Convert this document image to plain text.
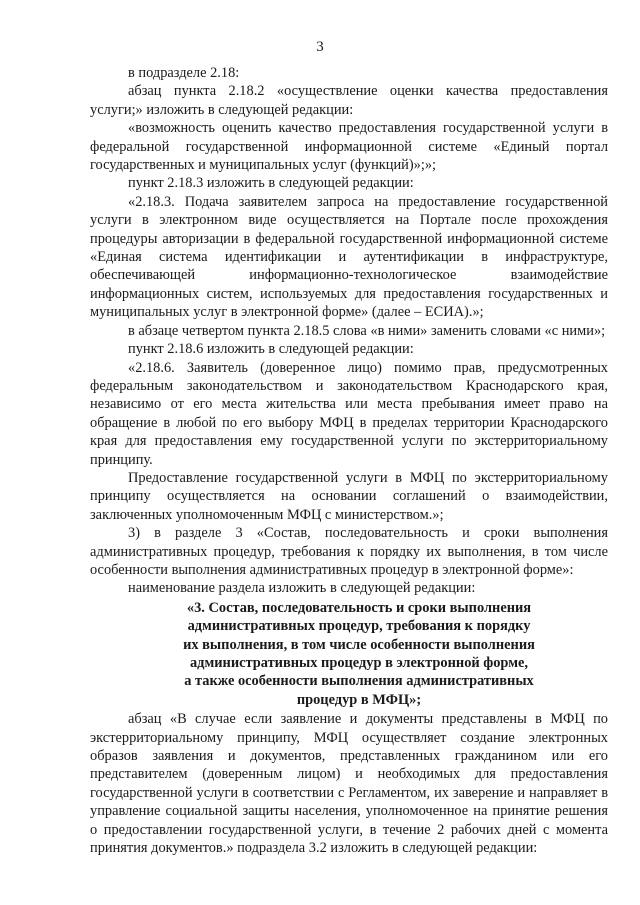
3

в подразделе 2.18:

абзац пункта 2.18.2 «осуществление оценки качества предоставления услуги;» изложить в следующей редакции:

«возможность оценить качество предоставления государственной услуги в федеральной государственной информационной системе «Единый портал государственных и муниципальных услуг (функций)»;»;

пункт 2.18.3 изложить в следующей редакции:

«2.18.3. Подача заявителем запроса на предоставление государственной услуги в электронном виде осуществляется на Портале после прохождения процедуры авторизации в федеральной государственной информационной системе «Единая система идентификации и аутентификации в инфраструктуре, обеспечивающей информационно-технологическое взаимодействие информационных систем, используемых для предоставления государственных и муниципальных услуг в электронной форме» (далее – ЕСИА).»;

в абзаце четвертом пункта 2.18.5 слова «в ними» заменить словами «с ними»;

пункт 2.18.6 изложить в следующей редакции:

«2.18.6. Заявитель (доверенное лицо) помимо прав, предусмотренных федеральным законодательством и законодательством Краснодарского края, независимо от его места жительства или места пребывания имеет право на обращение в любой по его выбору МФЦ в пределах территории Краснодарского края для предоставления ему государственной услуги по экстерриториальному принципу.

Предоставление государственной услуги в МФЦ по экстерриториальному принципу осуществляется на основании соглашений о взаимодействии, заключенных уполномоченным МФЦ с министерством.»;

3) в разделе 3 «Состав, последовательность и сроки выполнения административных процедур, требования к порядку их выполнения, в том числе особенности выполнения административных процедур в электронной форме»:

наименование раздела изложить в следующей редакции:

«3. Состав, последовательность и сроки выполнения
административных процедур, требования к порядку
их выполнения, в том числе особенности выполнения
административных процедур в электронной форме,
а также особенности выполнения административных
процедур в МФЦ»;

абзац «В случае если заявление и документы представлены в МФЦ по экстерриториальному принципу, МФЦ осуществляет создание электронных образов заявления и документов, представленных гражданином или его представителем (доверенным лицом) и необходимых для предоставления государственной услуги в соответствии с Регламентом, их заверение и направляет в управление социальной защиты населения, уполномоченное на принятие решения о предоставлении государственной услуги, в течение 2 рабочих дней с момента принятия документов.» подраздела 3.2 изложить в следующей редакции:
